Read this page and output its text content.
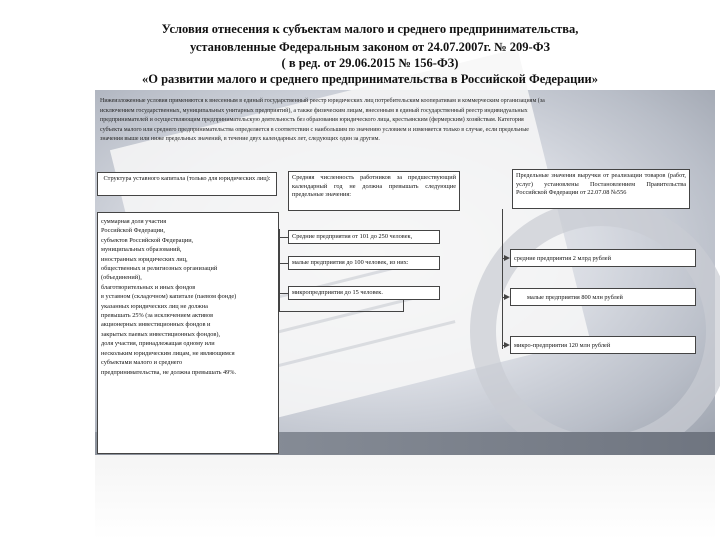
Условия отнесения к субъектам малого и среднего предпринимательства,
установленные Федеральным законом от 24.07.2007г. № 209-ФЗ
( в ред. от 29.06.2015 № 156-ФЗ)
«О развитии малого и среднего предпринимательства в Российской Федерации»
Нижеизложенные условия применяются к внесенным в единый государственный реестр юридических лиц потребительским кооперативам и коммерческим организациям (за
исключением государственных, муниципальных унитарных предприятий), а также физическим лицам, внесенным в единый государственный реестр индивидуальных
предпринимателей и осуществляющим предпринимательскую деятельность без образования юридического лица, крестьянским (фермерским) хозяйствам. Категория
субъекта малого или среднего предпринимательства определяется в соответствии с наибольшим по значению условием и изменяется только в случае, если предельные
значения выше или ниже предельных значений, в течение двух календарных лет, следующих один за другим.
Структура уставного капитала (только для юридических лиц):
суммарная доля участия
Российской Федерации,
субъектов Российской Федерации,
муниципальных образований,
иностранных юридических лиц,
общественных и религиозных организаций
(объединений),
благотворительных и иных фондов
в уставном (складочном) капитале (паевом фонде)
указанных юридических лиц не должна
превышать 25% (за исключением активов
акционерных инвестиционных фондов и
закрытых паевых инвестиционных фондов),
доля участия, принадлежащая одному или
нескольким юридическим лицам, не являющимся
субъектами малого и среднего
предпринимательства, не должна превышать 49%.
Средняя численность работников за предшествующий календарный год не должна превышать следующие предельные значения:
Средние предприятия от 101 до 250 человек,
малые предприятия до 100 человек, из них:
микропредприятия до 15 человек.
Предельные значения выручки от реализации товаров (работ, услуг) установлены Постановлением Правительства Российской Федерации от 22.07.08 №556
средние предприятия 2 млрд рублей
малые предприятия 800 млн рублей
микро-предприятия 120 млн рублей
